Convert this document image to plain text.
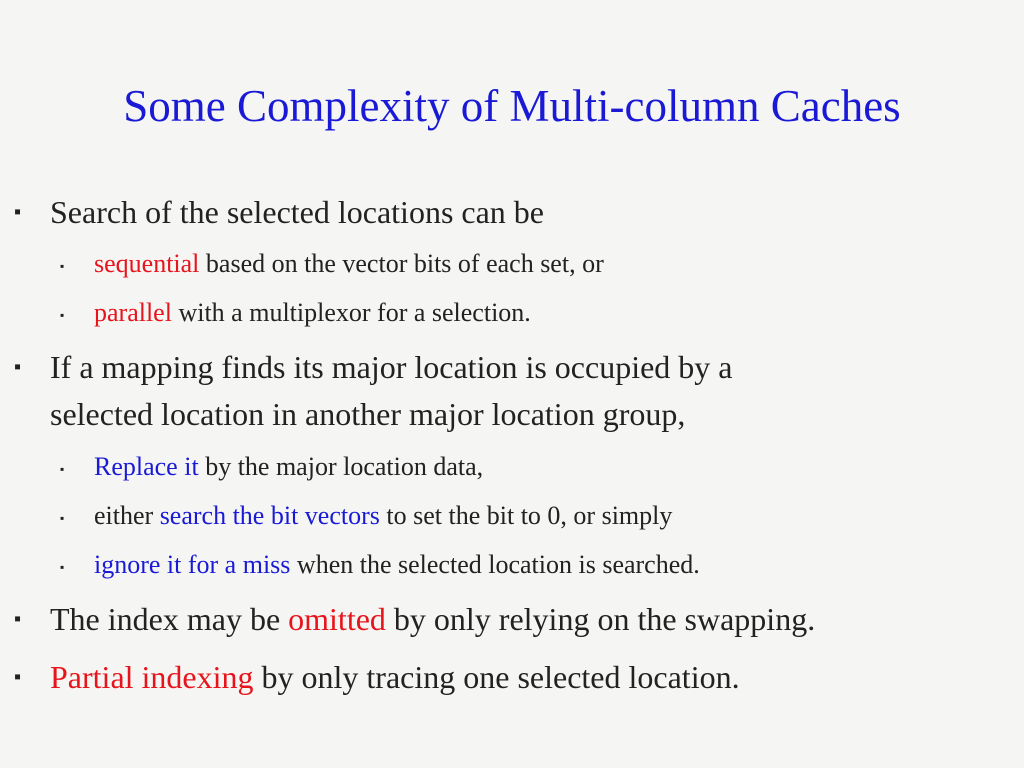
Some Complexity of Multi-column Caches
▪ Search of the selected locations can be
▪ sequential based on the vector bits of each set, or
▪ parallel with a multiplexor for a selection.
▪ If a mapping finds its major location is occupied by a
selected location in another major location group,
▪ Replace it by the major location data,
▪ either search the bit vectors to set the bit to 0, or simply
▪ ignore it for a miss when the selected location is searched.
▪ The index may be omitted by only relying on the swapping.
▪ Partial indexing by only tracing one selected location.
